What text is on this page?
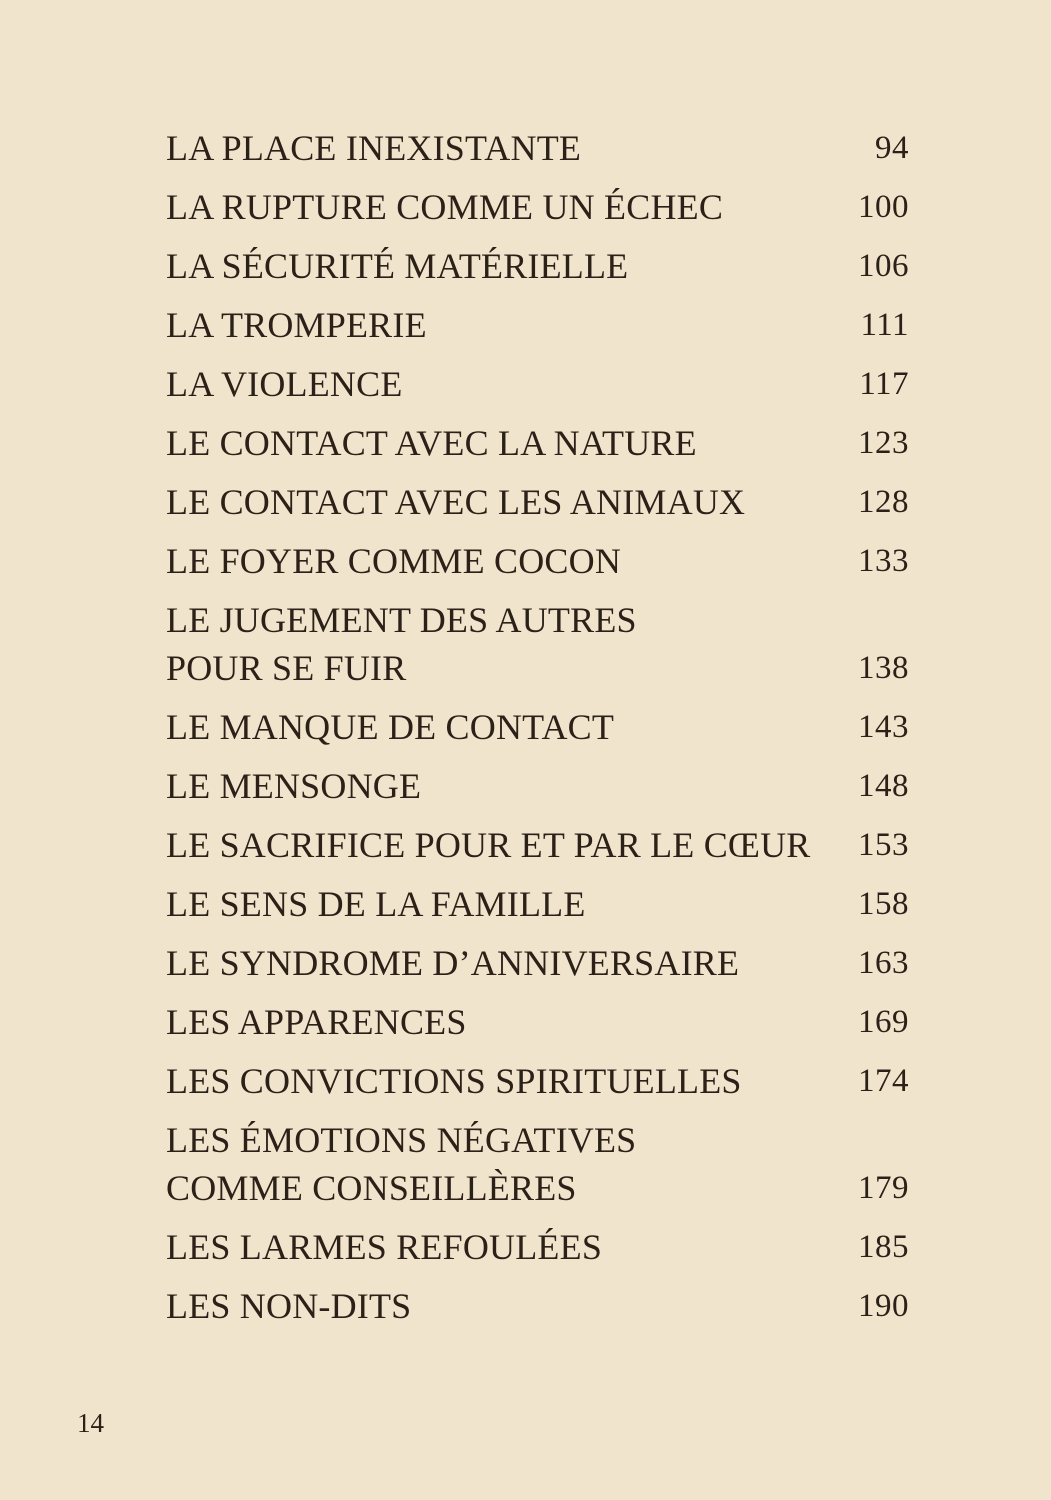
LA PLACE INEXISTANTE	94
LA RUPTURE COMME UN ÉCHEC	100
LA SÉCURITÉ MATÉRIELLE	106
LA TROMPERIE	111
LA VIOLENCE	117
LE CONTACT AVEC LA NATURE	123
LE CONTACT AVEC LES ANIMAUX	128
LE FOYER COMME COCON	133
LE JUGEMENT DES AUTRES
POUR SE FUIR	138
LE MANQUE DE CONTACT	143
LE MENSONGE	148
LE SACRIFICE POUR ET PAR LE CŒUR	153
LE SENS DE LA FAMILLE	158
LE SYNDROME D’ANNIVERSAIRE	163
LES APPARENCES	169
LES CONVICTIONS SPIRITUELLES	174
LES ÉMOTIONS NÉGATIVES
COMME CONSEILLÈRES	179
LES LARMES REFOULÉES	185
LES NON-DITS	190
14
